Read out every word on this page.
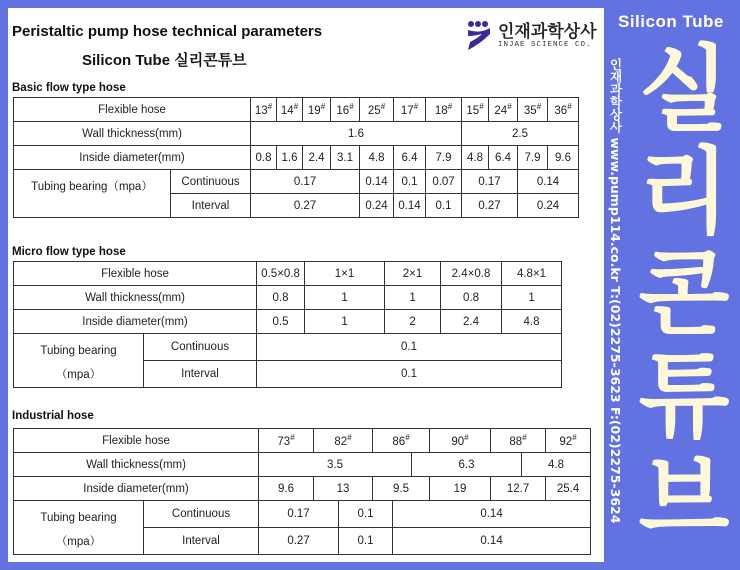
Peristaltic pump hose technical parameters
Silicon Tube 실리콘튜브
인재과학상사
INJAE SCIENCE CO.
Basic flow type hose
Flexible hose		13#	14#	19#	16#	25#	17#	18#	15#	24#	35#	36#
Wall thickness(mm)		1.6							2.5			
Inside diameter(mm)		0.8	1.6	2.4	3.1	4.8	6.4	7.9	4.8	6.4	7.9	9.6
Tubing bearing（mpa）	Continuous	0.17				0.14	0.1	0.07	0.17		0.14	
	Interval	0.27				0.24	0.14	0.1	0.27		0.24	
Micro flow type hose
Flexible hose		0.5×0.8	1×1	2×1	2.4×0.8	4.8×1
Wall thickness(mm)		0.8	1	1	0.8	1
Inside diameter(mm)		0.5	1	2	2.4	4.8

Tubing bearing
（mpa）	Continuous	0.1				
	Interval	0.1				
Industrial hose
Flexible hose		73#	82#		86#			90#	88#		92#
Wall thickness(mm)		3.5					6.3			4.8	
Inside diameter(mm)		9.6	13		9.5			19	12.7		25.4

Tubing bearing
（mpa）	Continuous	0.17		0.1		0.14					
	Interval	0.27		0.1		0.14					
Silicon Tube
인재과학상사 www.pump114.co.kr T:(02)2275-3623 F:(02)2275-3624 실
리
콘
튜
브
